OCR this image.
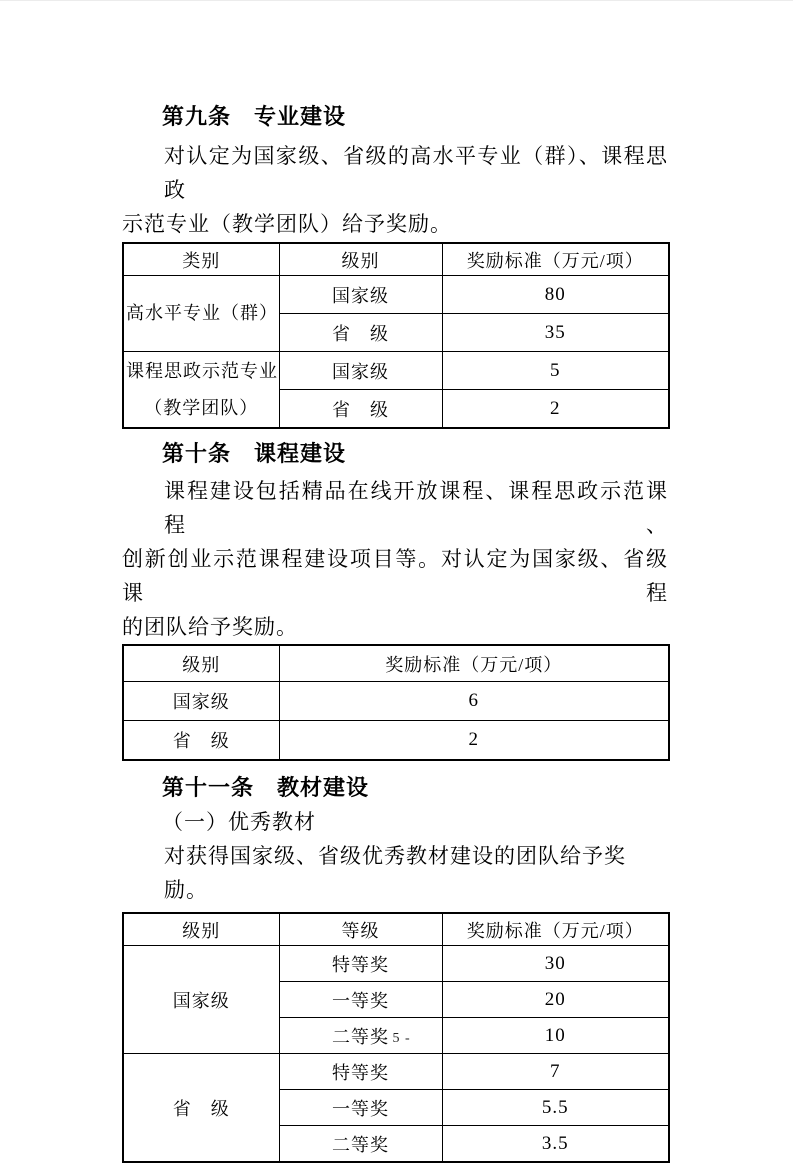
第九条　专业建设
对认定为国家级、省级的高水平专业（群）、课程思政
示范专业（教学团队）给予奖励。
类别	级别	奖励标准（万元/项）

高水平专业（群）	国家级	80
	省　级	35

课程思政示范专业
（教学团队）	国家级	5
	省　级	2
第十条　课程建设
课程建设包括精品在线开放课程、课程思政示范课程、
创新创业示范课程建设项目等。对认定为国家级、省级课程
的团队给予奖励。
级别	奖励标准（万元/项）
国家级	6
省　级	2
第十一条　教材建设
（一）优秀教材
对获得国家级、省级优秀教材建设的团队给予奖励。
级别	等级	奖励标准（万元/项）
国家级	特等奖	30
	一等奖	20
	二等奖	10
省　级	特等奖	7
	一等奖	5.5
	二等奖	3.5
- 5 -
